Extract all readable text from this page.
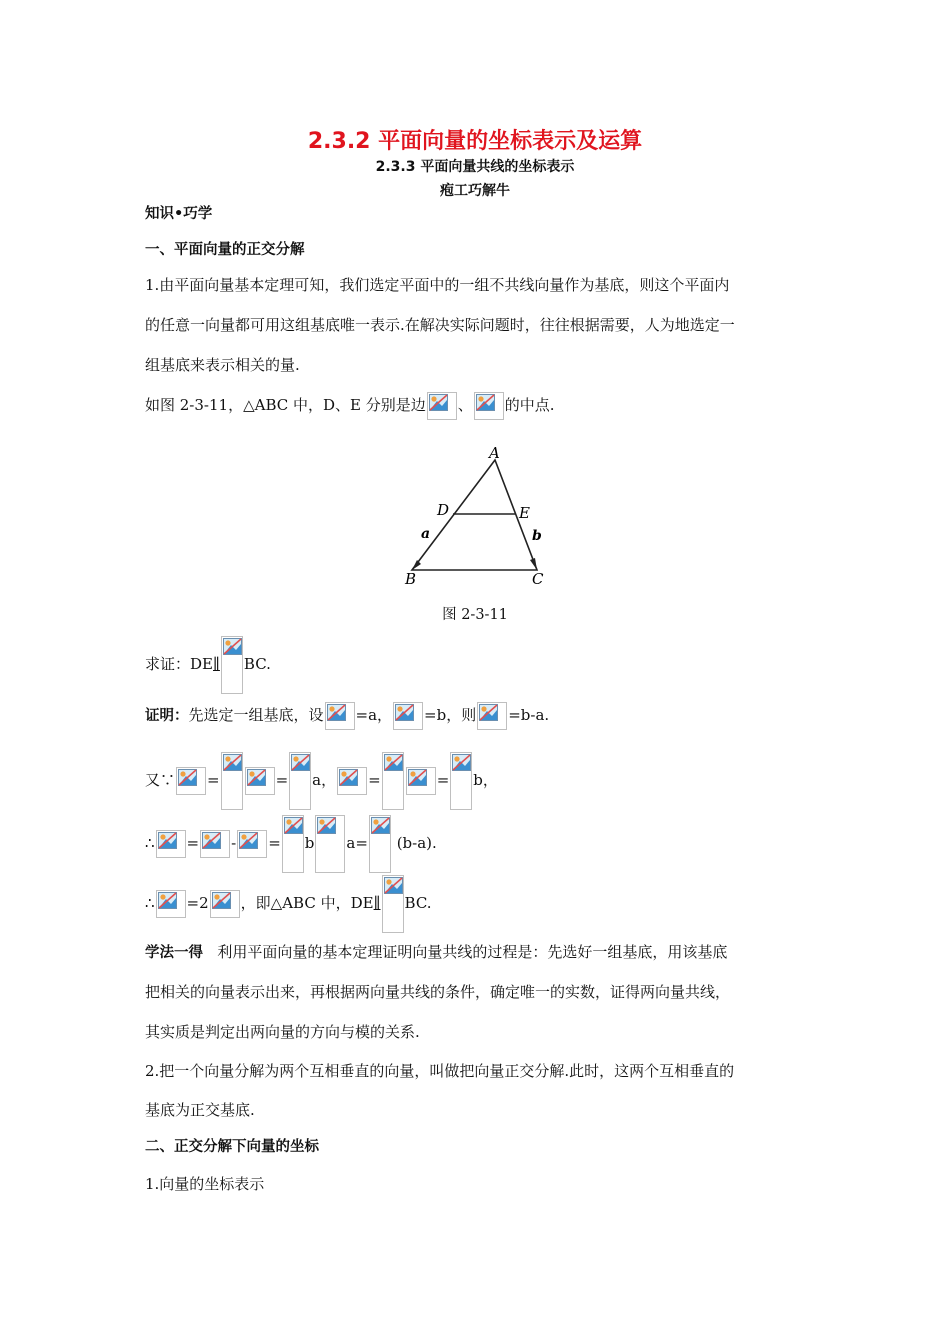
2.3.2 平面向量的坐标表示及运算
2.3.3 平面向量共线的坐标表示
疱工巧解牛
知识•巧学
一、平面向量的正交分解
1.由平面向量基本定理可知，我们选定平面中的一组不共线向量作为基底，则这个平面内
的任意一向量都可用这组基底唯一表示.在解决实际问题时，往往根据需要，人为地选定一
组基底来表示相关的量.
如图 2-3-11，△ABC 中，D、E 分别是边 、 的中点.
A
B	C
D	E
a	b
图 2-3-11
求证：DE∥ BC.
证明：先选定一组基底，设 =a， =b，则 =b-a.
又∵ =	= a， =	= b，
∴ = - = b a= (b-a).
∴ =2 ，即△ABC 中，DE∥ BC.
学法一得 利用平面向量的基本定理证明向量共线的过程是：先选好一组基底，用该基底
把相关的向量表示出来，再根据两向量共线的条件，确定唯一的实数，证得两向量共线，
其实质是判定出两向量的方向与模的关系.
2.把一个向量分解为两个互相垂直的向量，叫做把向量正交分解.此时，这两个互相垂直的
基底为正交基底.
二、正交分解下向量的坐标
1.向量的坐标表示
